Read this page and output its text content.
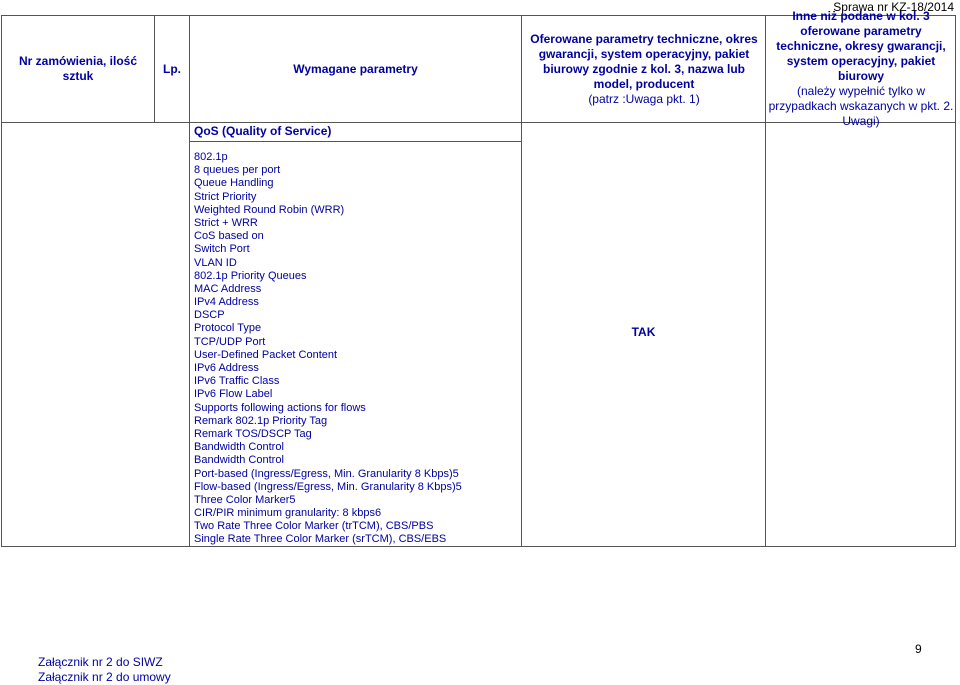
Sprawa nr KZ-18/2014
Nr zamówienia, ilość sztuk
Lp.	Wymagane parametry
Oferowane parametry techniczne, okres gwarancji, system operacyjny, pakiet biurowy zgodnie z kol. 3, nazwa lub model, producent
(patrz :Uwaga pkt. 1)
Inne niż podane w kol. 3
oferowane parametry techniczne, okresy gwarancji, system operacyjny, pakiet biurowy
(należy wypełnić tylko w przypadkach wskazanych w pkt. 2. Uwagi)
QoS (Quality of Service)
802.1p
8 queues per port
Queue Handling
Strict Priority
Weighted Round Robin (WRR)
Strict + WRR
CoS based on
Switch Port
VLAN ID
802.1p Priority Queues
MAC Address
IPv4 Address
DSCP
Protocol Type
TCP/UDP Port
User-Defined Packet Content
IPv6 Address
IPv6 Traffic Class
IPv6 Flow Label
Supports following actions for flows
Remark 802.1p Priority Tag
Remark TOS/DSCP Tag
Bandwidth Control
Bandwidth Control
Port-based (Ingress/Egress, Min. Granularity 8 Kbps)5
Flow-based (Ingress/Egress, Min. Granularity 8 Kbps)5
Three Color Marker5
CIR/PIR minimum granularity: 8 kbps6
Two Rate Three Color Marker (trTCM), CBS/PBS
Single Rate Three Color Marker (srTCM), CBS/EBS
TAK
Załącznik nr 2 do SIWZ
Załącznik nr 2 do umowy
9
